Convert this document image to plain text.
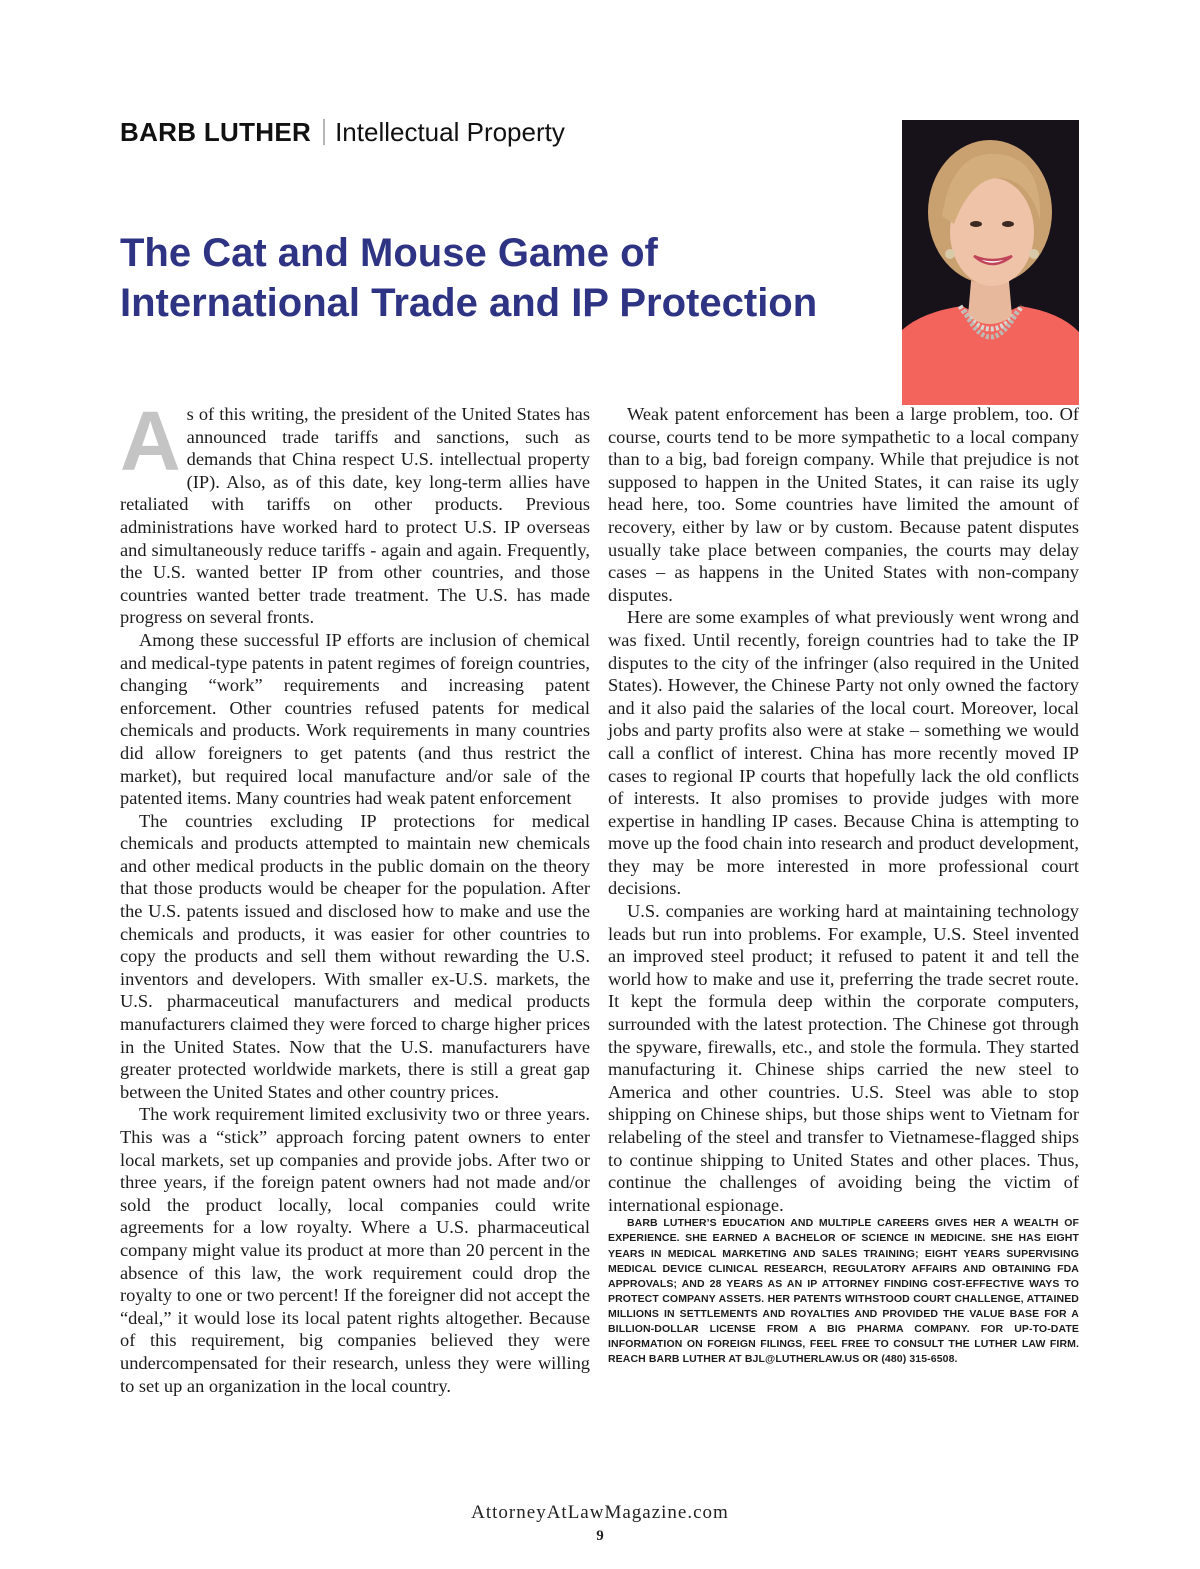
BARB LUTHER Intellectual Property
The Cat and Mouse Game of International Trade and IP Protection

As of this writing, the president of the United States has announced trade tariffs and sanctions, such as demands that China respect U.S. intellectual property (IP). Also, as of this date, key long-term allies have retaliated with tariffs on other products. Previous administrations have worked hard to protect U.S. IP overseas and simultaneously reduce tariffs - again and again. Frequently, the U.S. wanted better IP from other countries, and those countries wanted better trade treatment. The U.S. has made progress on several fronts.

Among these successful IP efforts are inclusion of chemical and medical-type patents in patent regimes of foreign countries, changing “work” requirements and increasing patent enforcement. Other countries refused patents for medical chemicals and products. Work requirements in many countries did allow foreigners to get patents (and thus restrict the market), but required local manufacture and/or sale of the patented items. Many countries had weak patent enforcement

The countries excluding IP protections for medical chemicals and products attempted to maintain new chemicals and other medical products in the public domain on the theory that those products would be cheaper for the population. After the U.S. patents issued and disclosed how to make and use the chemicals and products, it was easier for other countries to copy the products and sell them without rewarding the U.S. inventors and developers. With smaller ex-U.S. markets, the U.S. pharmaceutical manufacturers and medical products manufacturers claimed they were forced to charge higher prices in the United States. Now that the U.S. manufacturers have greater protected worldwide markets, there is still a great gap between the United States and other country prices.

The work requirement limited exclusivity two or three years. This was a “stick” approach forcing patent owners to enter local markets, set up companies and provide jobs. After two or three years, if the foreign patent owners had not made and/or sold the product locally, local companies could write agreements for a low royalty. Where a U.S. pharmaceutical company might value its product at more than 20 percent in the absence of this law, the work requirement could drop the royalty to one or two percent! If the foreigner did not accept the “deal,” it would lose its local patent rights altogether. Because of this requirement, big companies believed they were undercompensated for their research, unless they were willing to set up an organization in the local country.

Weak patent enforcement has been a large problem, too. Of course, courts tend to be more sympathetic to a local company than to a big, bad foreign company. While that prejudice is not supposed to happen in the United States, it can raise its ugly head here, too. Some countries have limited the amount of recovery, either by law or by custom. Because patent disputes usually take place between companies, the courts may delay cases – as happens in the United States with non-company disputes.

Here are some examples of what previously went wrong and was fixed. Until recently, foreign countries had to take the IP disputes to the city of the infringer (also required in the United States). However, the Chinese Party not only owned the factory and it also paid the salaries of the local court. Moreover, local jobs and party profits also were at stake – something we would call a conflict of interest. China has more recently moved IP cases to regional IP courts that hopefully lack the old conflicts of interests. It also promises to provide judges with more expertise in handling IP cases. Because China is attempting to move up the food chain into research and product development, they may be more interested in more professional court decisions.

U.S. companies are working hard at maintaining technology leads but run into problems. For example, U.S. Steel invented an improved steel product; it refused to patent it and tell the world how to make and use it, preferring the trade secret route. It kept the formula deep within the corporate computers, surrounded with the latest protection. The Chinese got through the spyware, firewalls, etc., and stole the formula. They started manufacturing it. Chinese ships carried the new steel to America and other countries. U.S. Steel was able to stop shipping on Chinese ships, but those ships went to Vietnam for relabeling of the steel and transfer to Vietnamese-flagged ships to continue shipping to United States and other places. Thus, continue the challenges of avoiding being the victim of international espionage.

BARB LUTHER’S EDUCATION AND MULTIPLE CAREERS GIVES HER A WEALTH OF EXPERIENCE. SHE EARNED A BACHELOR OF SCIENCE IN MEDICINE. SHE HAS EIGHT YEARS IN MEDICAL MARKETING AND SALES TRAINING; EIGHT YEARS SUPERVISING MEDICAL DEVICE CLINICAL RESEARCH, REGULATORY AFFAIRS AND OBTAINING FDA APPROVALS; AND 28 YEARS AS AN IP ATTORNEY FINDING COST-EFFECTIVE WAYS TO PROTECT COMPANY ASSETS. HER PATENTS WITHSTOOD COURT CHALLENGE, ATTAINED MILLIONS IN SETTLEMENTS AND ROYALTIES AND PROVIDED THE VALUE BASE FOR A BILLION-DOLLAR LICENSE FROM A BIG PHARMA COMPANY. FOR UP-TO-DATE INFORMATION ON FOREIGN FILINGS, FEEL FREE TO CONSULT THE LUTHER LAW FIRM. REACH BARB LUTHER AT BJL@LUTHERLAW.US OR (480) 315-6508.

AttorneyAtLawMagazine.com
9
